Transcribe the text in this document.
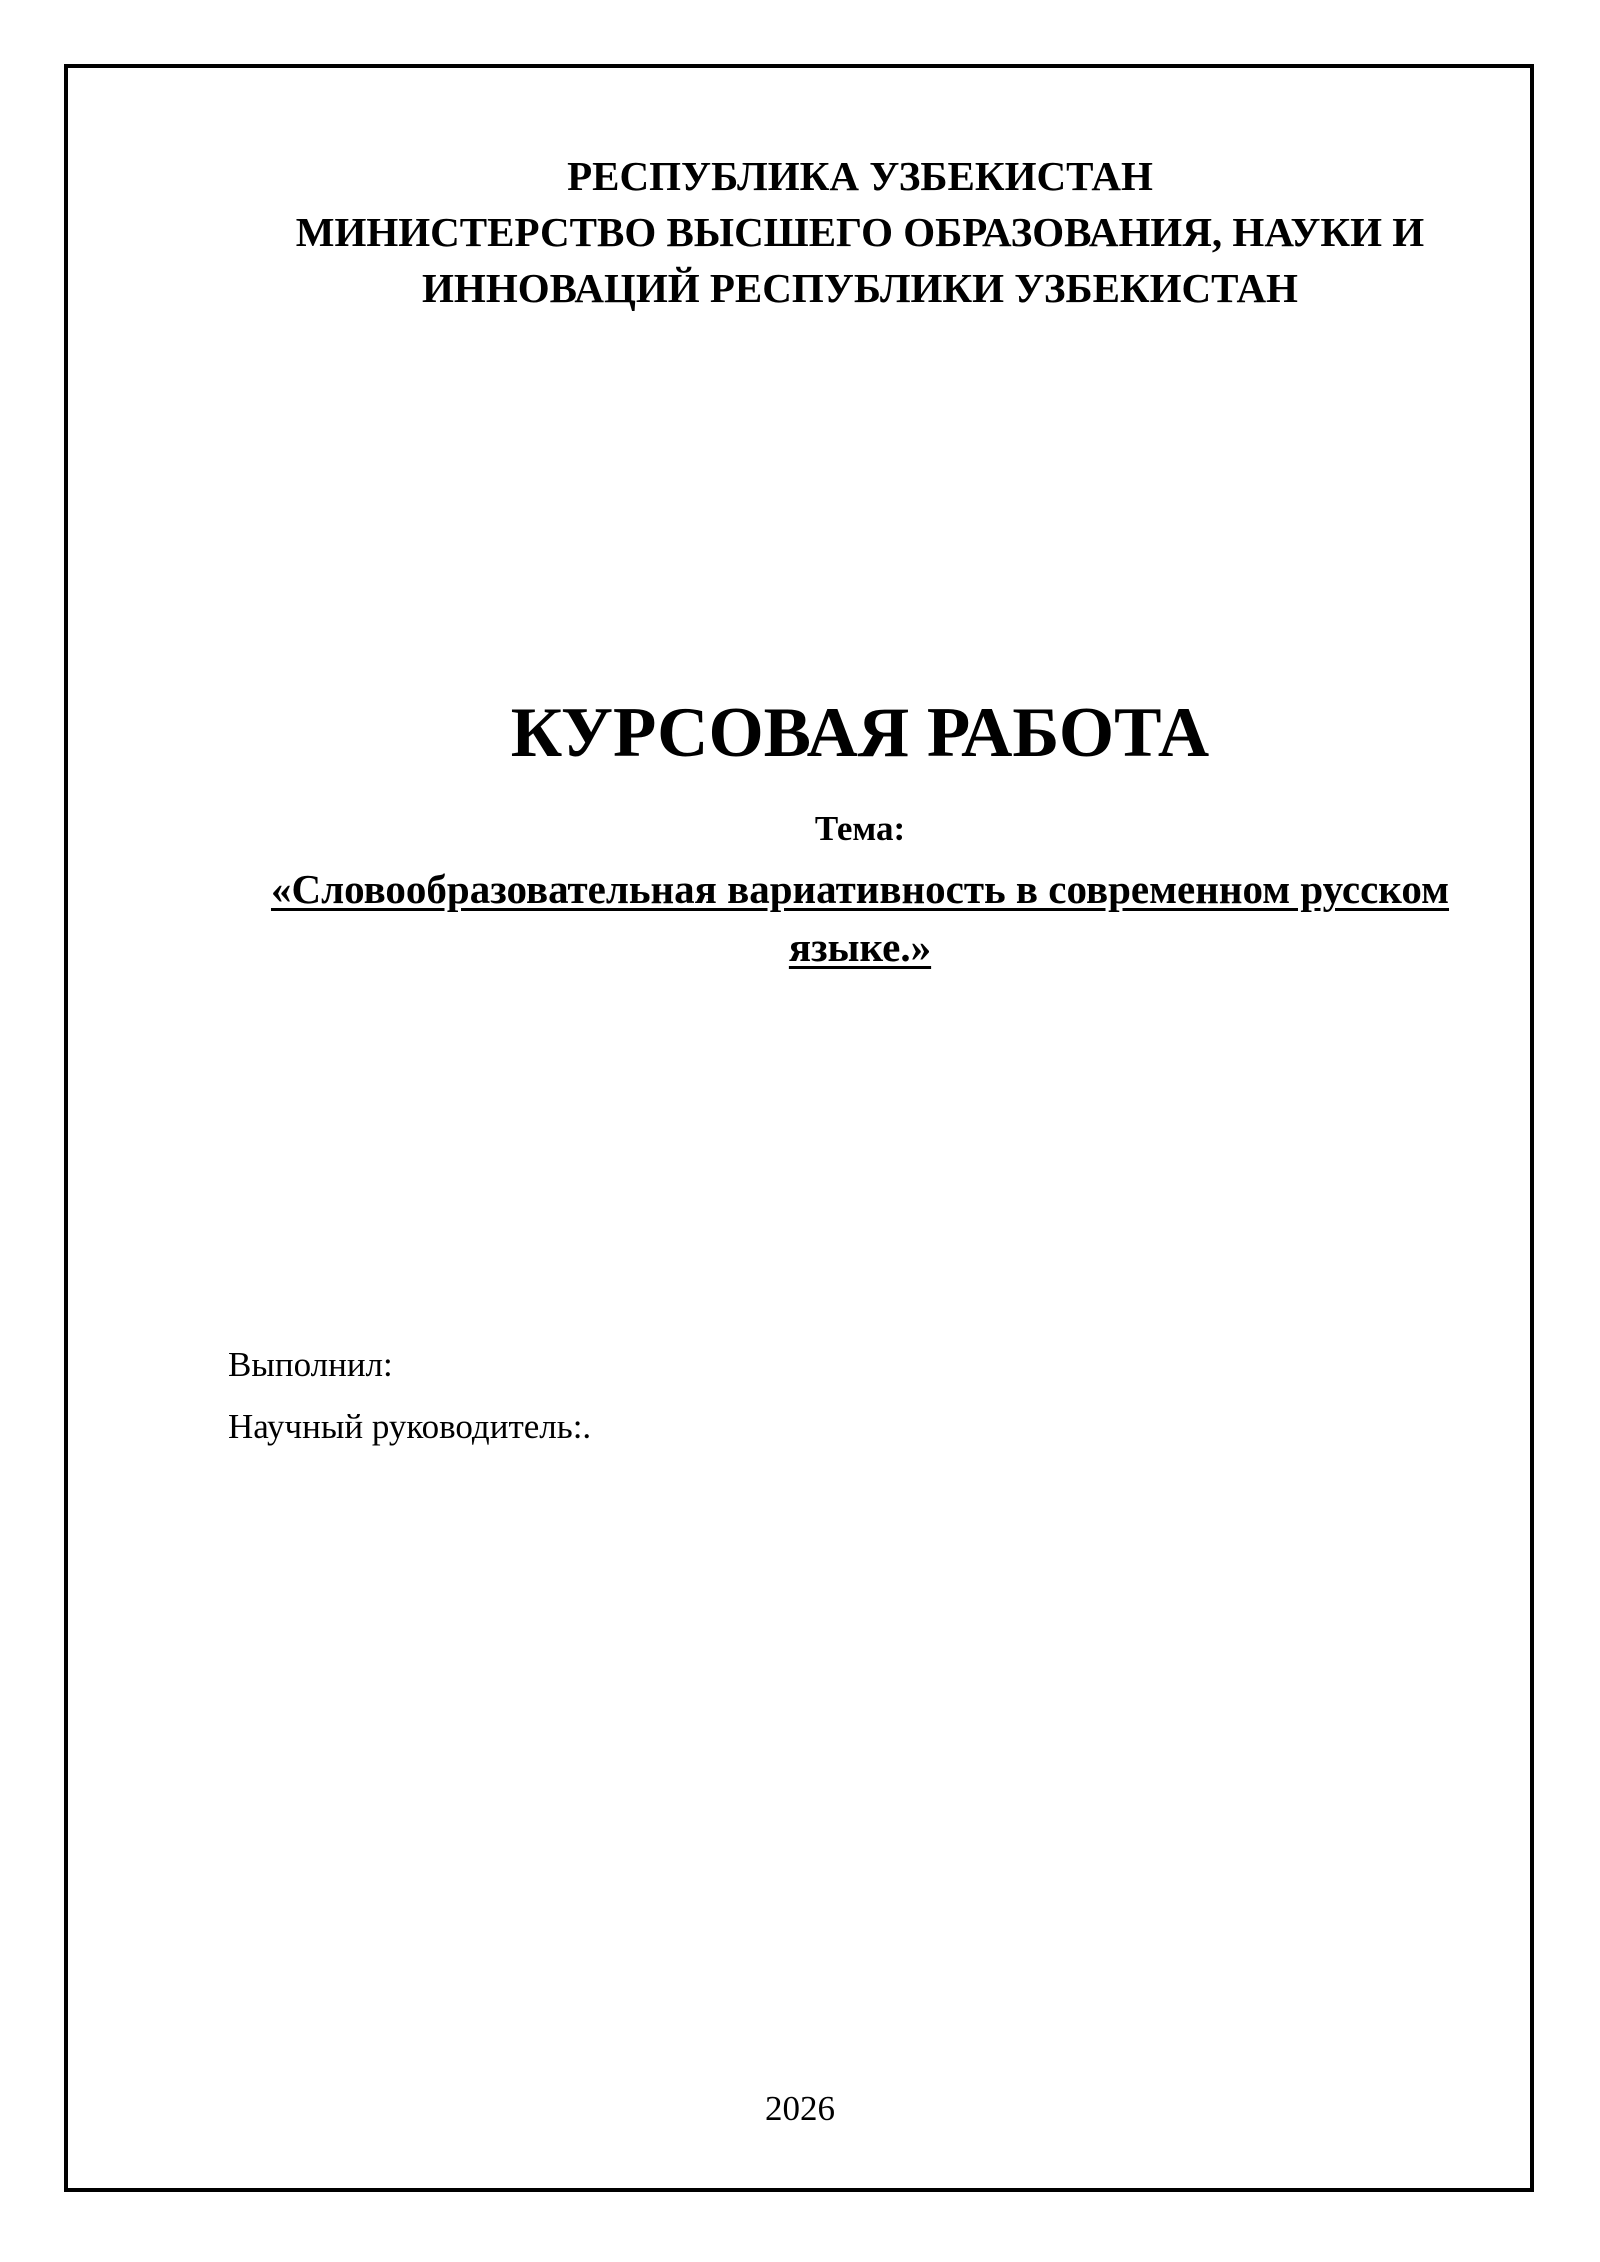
РЕСПУБЛИКА УЗБЕКИСТАН
МИНИСТЕРСТВО ВЫСШЕГО ОБРАЗОВАНИЯ, НАУКИ И
ИННОВАЦИЙ РЕСПУБЛИКИ УЗБЕКИСТАН
КУРСОВАЯ РАБОТА
Тема:
«Словообразовательная вариативность в современном русском языке.»
Выполнил:
Научный руководитель:.
2026
